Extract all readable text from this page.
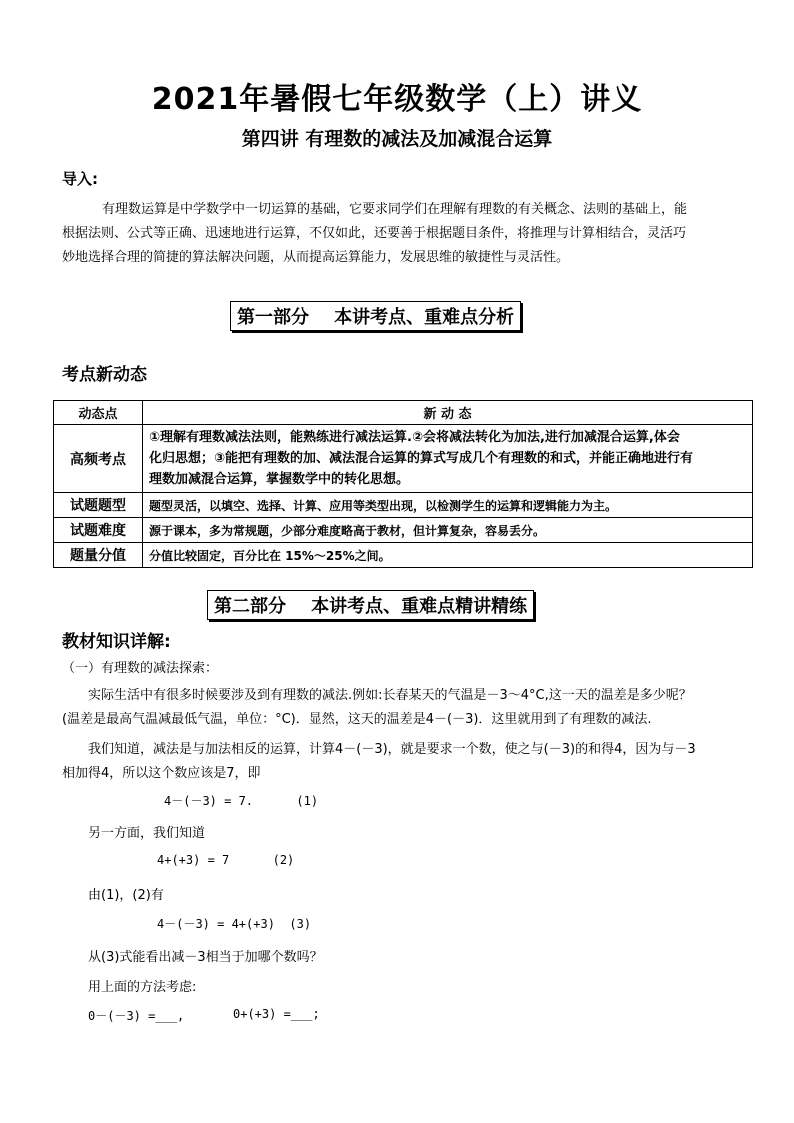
2021年暑假七年级数学（上）讲义
第四讲 有理数的减法及加减混合运算
导入:
有理数运算是中学数学中一切运算的基础，它要求同学们在理解有理数的有关概念、法则的基础上，能
根据法则、公式等正确、迅速地进行运算，不仅如此，还要善于根据题目条件，将推理与计算相结合，灵活巧
妙地选择合理的简捷的算法解决问题，从而提高运算能力，发展思维的敏捷性与灵活性。
第一部分    本讲考点、重难点分析
考点新动态
动态点	新 动 态
高频考点	①理解有理数减法法则，能熟练进行减法运算.②会将减法转化为加法,进行加减混合运算,体会
化归思想；③能把有理数的加、减法混合运算的算式写成几个有理数的和式，并能正确地进行有
理数加减混合运算，掌握数学中的转化思想。

试题题型	题型灵活，以填空、选择、计算、应用等类型出现，以检测学生的运算和逻辑能力为主。
试题难度	源于课本，多为常规题，少部分难度略高于教材，但计算复杂，容易丢分。
题量分值	分值比较固定，百分比在 15%～25%之间。
第二部分    本讲考点、重难点精讲精练
教材知识详解:
（一）有理数的减法探索：
实际生活中有很多时候要涉及到有理数的减法.例如:长春某天的气温是－3～4°C,这一天的温差是多少呢？
(温差是最高气温减最低气温，单位：°C)．显然，这天的温差是4－(－3)．这里就用到了有理数的减法.
我们知道，减法是与加法相反的运算，计算4－(－3)，就是要求一个数，使之与(－3)的和得4，因为与－3
相加得4，所以这个数应该是7，即
4－(－3) = 7.      (1)
另一方面，我们知道
4+(+3) = 7      (2)
由(1)，(2)有
4－(－3) = 4+(+3)  (3)
从(3)式能看出减－3相当于加哪个数吗？
用上面的方法考虑:
0－(－3) =___,	0+(+3) =___;
